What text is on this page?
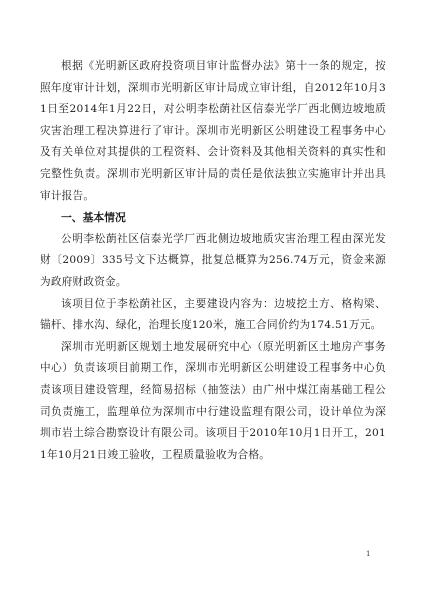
根据《光明新区政府投资项目审计监督办法》第十一条的规定，按照年度审计计划，深圳市光明新区审计局成立审计组，自2012年10月31日至2014年1月22日，对公明李松蓢社区信泰光学厂西北侧边坡地质灾害治理工程决算进行了审计。深圳市光明新区公明建设工程事务中心及有关单位对其提供的工程资料、会计资料及其他相关资料的真实性和完整性负责。深圳市光明新区审计局的责任是依法独立实施审计并出具审计报告。

一、基本情况

公明李松蓢社区信泰光学厂西北侧边坡地质灾害治理工程由深光发财〔2009〕335号文下达概算，批复总概算为256.74万元，资金来源为政府财政资金。

该项目位于李松蓢社区，主要建设内容为：边坡挖土方、格构梁、锚杆、排水沟、绿化，治理长度120米，施工合同价约为174.51万元。

深圳市光明新区规划土地发展研究中心（原光明新区土地房产事务中心）负责该项目前期工作，深圳市光明新区公明建设工程事务中心负责该项目建设管理，经简易招标（抽签法）由广州中煤江南基础工程公司负责施工，监理单位为深圳市中行建设监理有限公司，设计单位为深圳市岩土综合勘察设计有限公司。该项目于2010年10月1日开工，2011年10月21日竣工验收，工程质量验收为合格。

1
